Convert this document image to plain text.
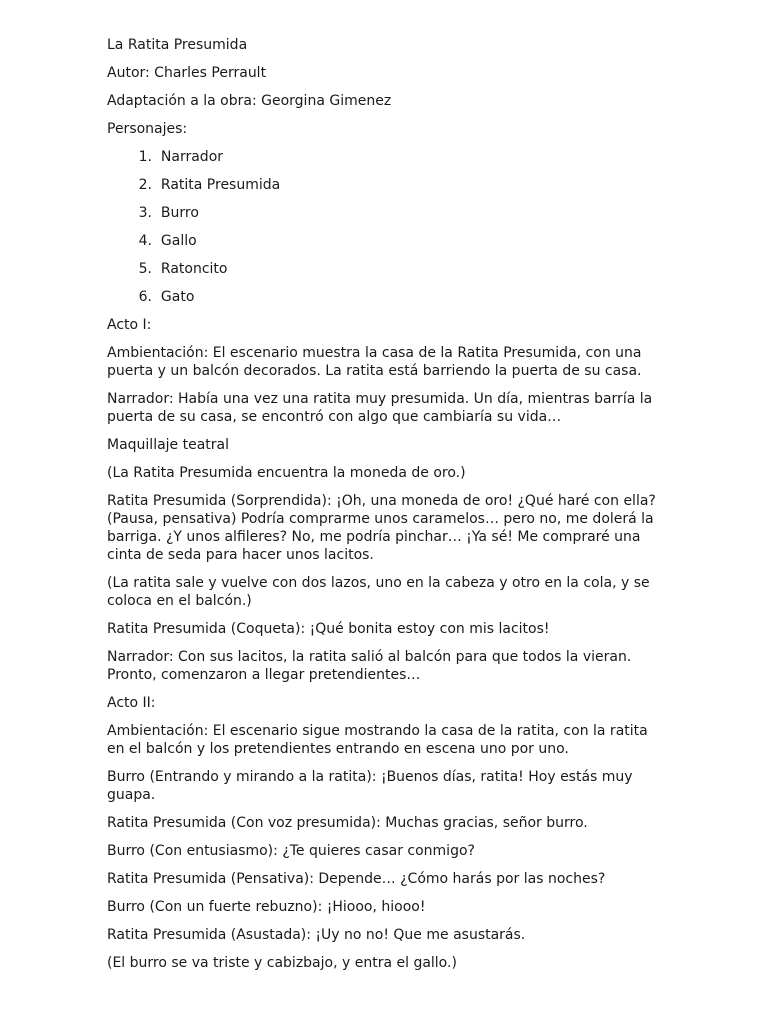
La Ratita Presumida

Autor: Charles Perrault

Adaptación a la obra: Georgina Gimenez

Personajes:

1.
Narrador
2.
Ratita Presumida
3.
Burro
4.
Gallo
5.
Ratoncito
6.
Gato

Acto I:

Ambientación: El escenario muestra la casa de la Ratita Presumida, con una puerta y un balcón decorados. La ratita está barriendo la puerta de su casa.

Narrador: Había una vez una ratita muy presumida. Un día, mientras barría la puerta de su casa, se encontró con algo que cambiaría su vida…

Maquillaje teatral

(La Ratita Presumida encuentra la moneda de oro.)

Ratita Presumida (Sorprendida): ¡Oh, una moneda de oro! ¿Qué haré con ella? (Pausa, pensativa) Podría comprarme unos caramelos… pero no, me dolerá la barriga. ¿Y unos alfileres? No, me podría pinchar… ¡Ya sé! Me compraré una cinta de seda para hacer unos lacitos.

(La ratita sale y vuelve con dos lazos, uno en la cabeza y otro en la cola, y se coloca en el balcón.)

Ratita Presumida (Coqueta): ¡Qué bonita estoy con mis lacitos!

Narrador: Con sus lacitos, la ratita salió al balcón para que todos la vieran. Pronto, comenzaron a llegar pretendientes…

Acto II:

Ambientación: El escenario sigue mostrando la casa de la ratita, con la ratita en el balcón y los pretendientes entrando en escena uno por uno.

Burro (Entrando y mirando a la ratita): ¡Buenos días, ratita! Hoy estás muy guapa.

Ratita Presumida (Con voz presumida): Muchas gracias, señor burro.

Burro (Con entusiasmo): ¿Te quieres casar conmigo?

Ratita Presumida (Pensativa): Depende… ¿Cómo harás por las noches?

Burro (Con un fuerte rebuzno): ¡Hiooo, hiooo!

Ratita Presumida (Asustada): ¡Uy no no! Que me asustarás.

(El burro se va triste y cabizbajo, y entra el gallo.)
